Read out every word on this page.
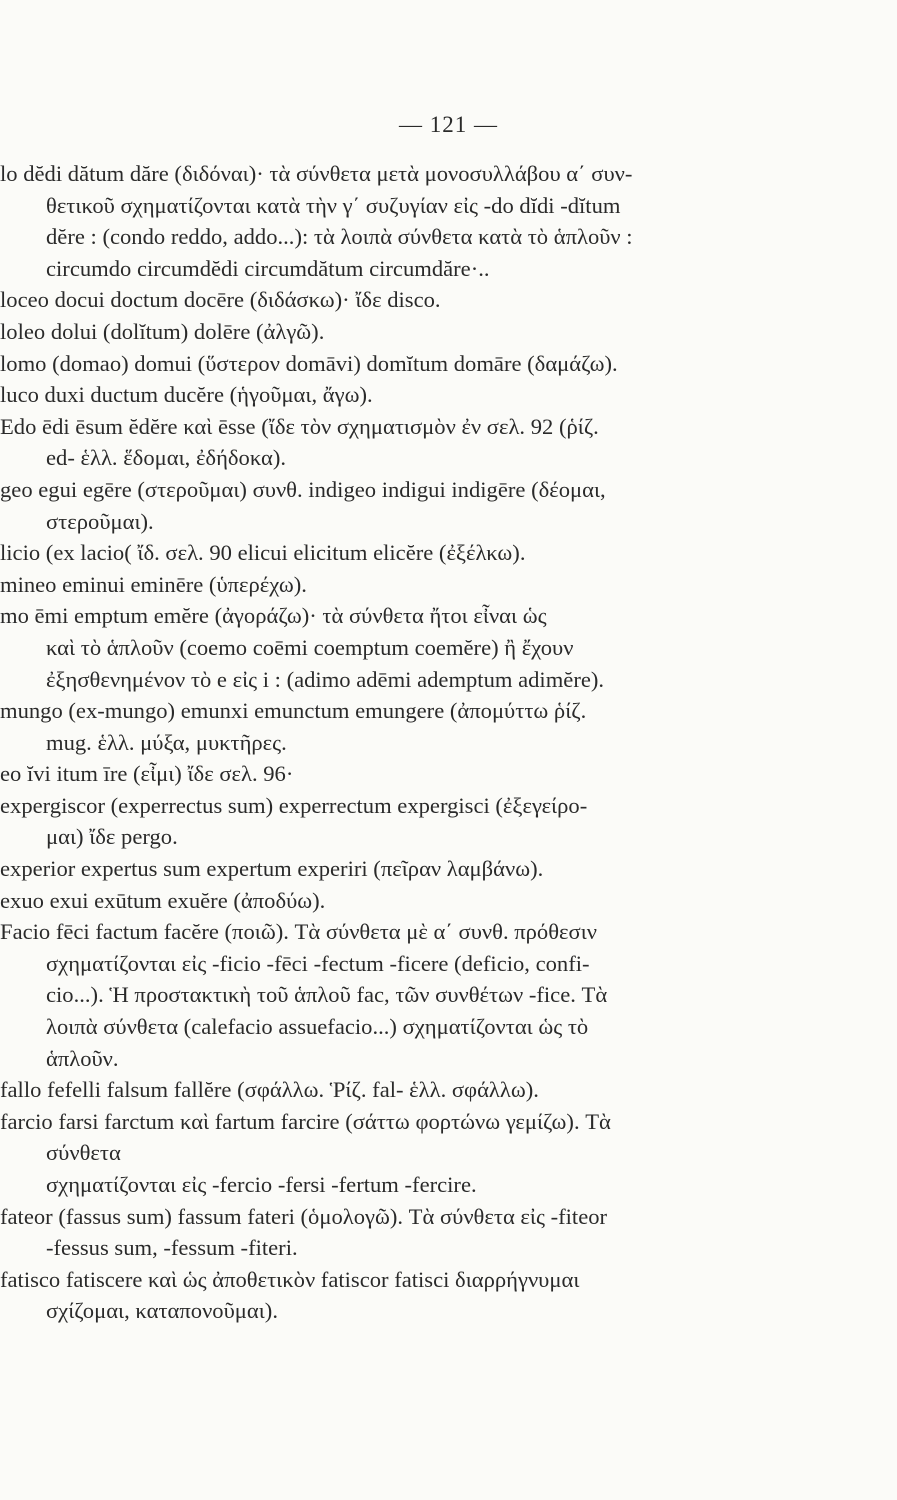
— 121 —
lo dĕdi dătum dăre (διδόναι)· τὰ σύνθετα μετὰ μονοσυλλάβου α΄ συν-
θετικοῦ σχηματίζονται κατὰ τὴν γ΄ συζυγίαν εἰς -do dĭdi -dĭtum
dĕre : (condo reddo, addo...): τὰ λοιπὰ σύνθετα κατὰ τὸ ἁπλοῦν :
circumdo circumdĕdi circumdătum circumdăre·..
loceo docui doctum docēre (διδάσκω)· ἴδε disco.
loleo dolui (dolĭtum) dolēre (ἀλγῶ).
lomo (domao) domui (ὕστερον domāvi) domĭtum domāre (δαμάζω).
luco duxi ductum ducĕre (ἡγοῦμαι, ἄγω).
Edo ēdi ēsum ĕdĕre καὶ ēsse (ἴδε τὸν σχηματισμὸν ἐν σελ. 92 (ῥίζ.
ed- ἑλλ. ἕδομαι, ἐδήδοκα).
geo egui egēre (στεροῦμαι) συνθ. indigeo indigui indigēre (δέομαι,
στεροῦμαι).
licio (ex lacio( ἴδ. σελ. 90 elicui elicitum elicĕre (ἐξέλκω).
mineo eminui eminēre (ὑπερέχω).
mo ēmi emptum emĕre (ἀγοράζω)· τὰ σύνθετα ἤτοι εἶναι ὡς
καὶ τὸ ἁπλοῦν (coemo coēmi coemptum coemĕre) ἢ ἔχουν
ἐξησθενημένον τὸ e εἰς i : (adimo adēmi ademptum adimĕre).
mungo (ex-mungo) emunxi emunctum emungere (ἀπομύττω ῥίζ.
mug. ἑλλ. μύξα, μυκτῆρες.
eo ĭvi itum īre (εἶμι) ἴδε σελ. 96·
expergiscor (experrectus sum) experrectum expergisci (ἐξεγείρο-
μαι) ἴδε pergo.
experior expertus sum expertum experiri (πεῖραν λαμβάνω).
exuo exui exūtum exuĕre (ἀποδύω).
Facio fēci factum facĕre (ποιῶ). Τὰ σύνθετα μὲ α΄ συνθ. πρόθεσιν
σχηματίζονται εἰς -ficio -fēci -fectum -ficere (deficio, confi-
cio...). Ἡ προστακτικὴ τοῦ ἁπλοῦ fac, τῶν συνθέτων -fice. Τὰ
λοιπὰ σύνθετα (calefacio assuefacio...) σχηματίζονται ὡς τὸ
ἁπλοῦν.
fallo fefelli falsum fallĕre (σφάλλω. Ῥίζ. fal- ἑλλ. σφάλλω).
farcio farsi farctum καὶ fartum farcire (σάττω φορτώνω γεμίζω). Τὰ
σύνθετα
σχηματίζονται εἰς -fercio -fersi -fertum -fercire.
fateor (fassus sum) fassum fateri (ὁμολογῶ). Τὰ σύνθετα εἰς -fiteor
-fessus sum, -fessum -fiteri.
fatisco fatiscere καὶ ὡς ἀποθετικὸν fatiscor fatisci διαρρήγνυμαι
σχίζομαι, καταπονοῦμαι).
